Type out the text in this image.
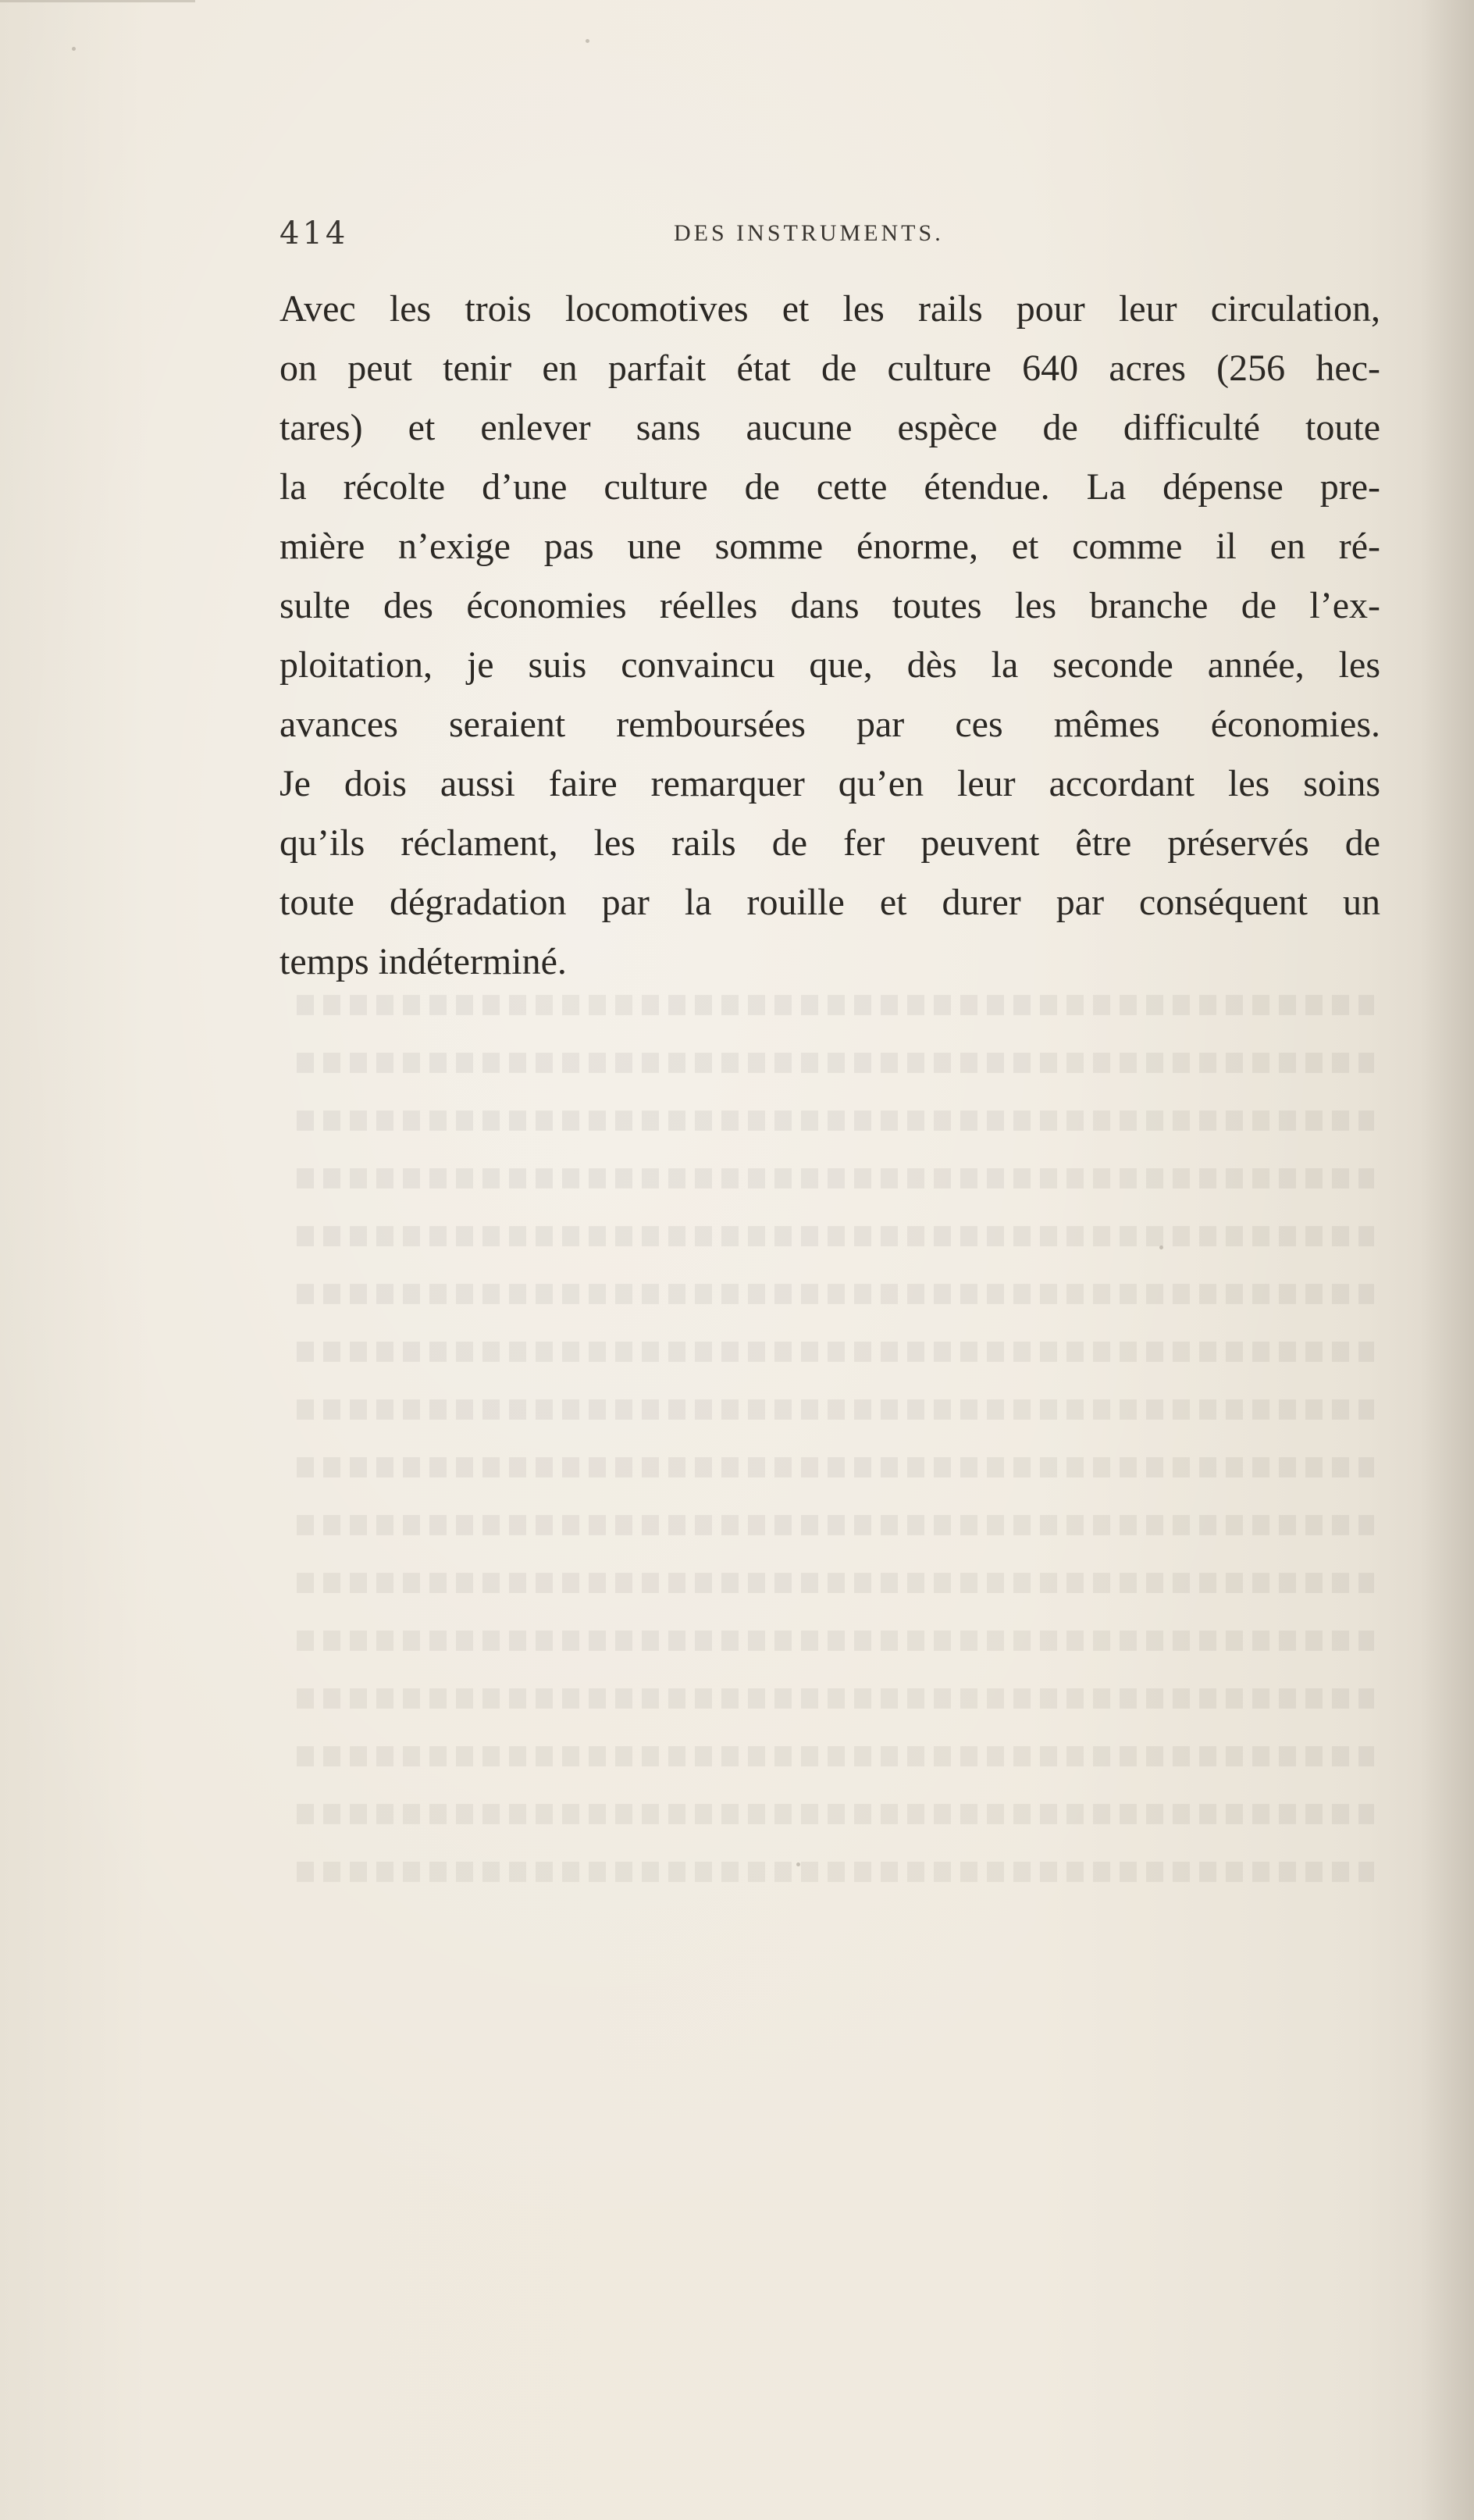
414	DES INSTRUMENTS.
Avec les trois locomotives et les rails pour leur circulation,
on peut tenir en parfait état de culture 640 acres (256 hec-
tares) et enlever sans aucune espèce de difficulté toute
la récolte d’une culture de cette étendue. La dépense pre-
mière n’exige pas une somme énorme, et comme il en ré-
sulte des économies réelles dans toutes les branche de l’ex-
ploitation, je suis convaincu que, dès la seconde année, les
avances seraient remboursées par ces mêmes économies.
Je dois aussi faire remarquer qu’en leur accordant les soins
qu’ils réclament, les rails de fer peuvent être préservés de
toute dégradation par la rouille et durer par conséquent un
temps indéterminé.
